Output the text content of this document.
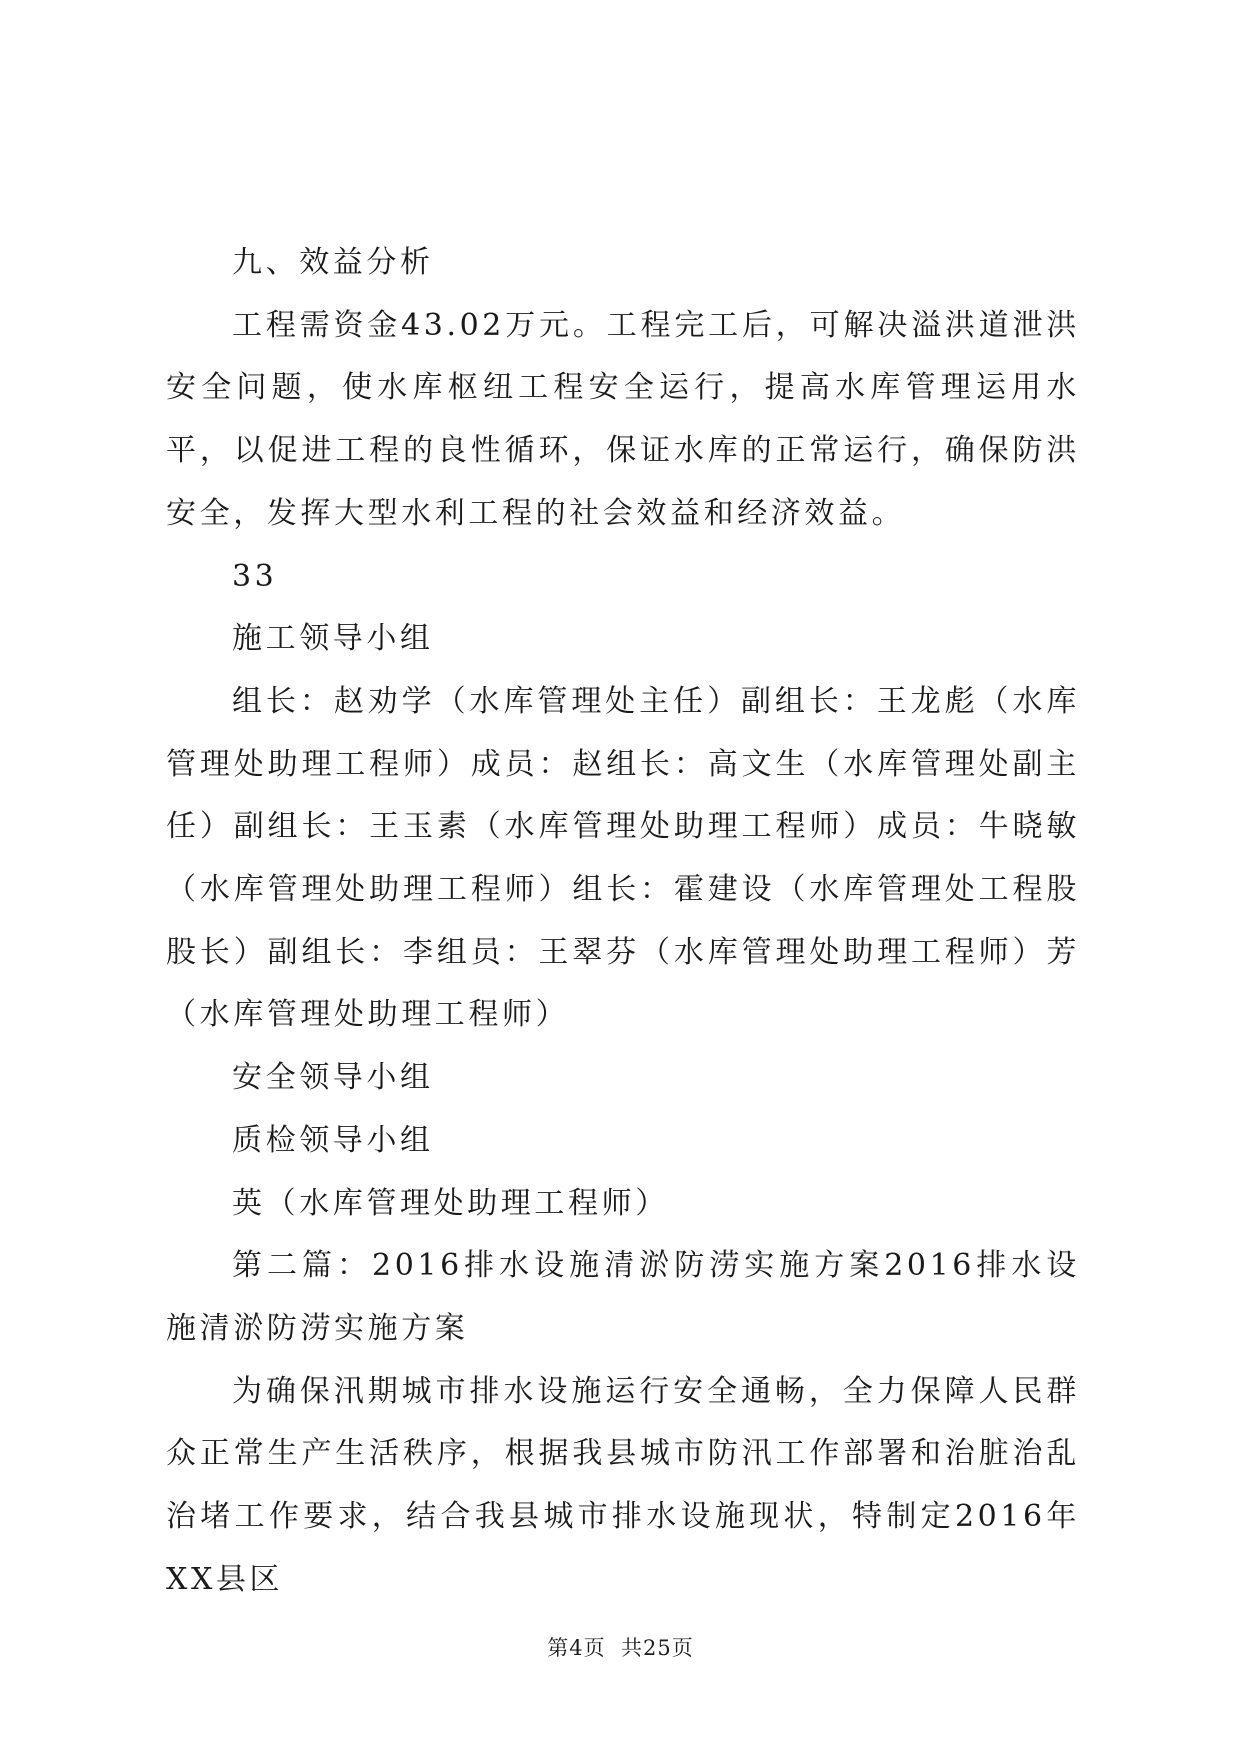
九、效益分析

工程需资金43.02万元。工程完工后，可解决溢洪道泄洪安全问题，使水库枢纽工程安全运行，提高水库管理运用水平，以促进工程的良性循环，保证水库的正常运行，确保防洪安全，发挥大型水利工程的社会效益和经济效益。

33

施工领导小组

组长：赵劝学（水库管理处主任）副组长：王龙彪（水库管理处助理工程师）成员：赵组长：高文生（水库管理处副主任）副组长：王玉素（水库管理处助理工程师）成员：牛晓敏（水库管理处助理工程师）组长：霍建设（水库管理处工程股股长）副组长：李组员：王翠芬（水库管理处助理工程师）芳（水库管理处助理工程师）

安全领导小组

质检领导小组

英（水库管理处助理工程师）

第二篇：2016排水设施清淤防涝实施方案2016排水设施清淤防涝实施方案

为确保汛期城市排水设施运行安全通畅，全力保障人民群众正常生产生活秩序，根据我县城市防汛工作部署和治脏治乱治堵工作要求，结合我县城市排水设施现状，特制定2016年XX县区

第4页  共25页
